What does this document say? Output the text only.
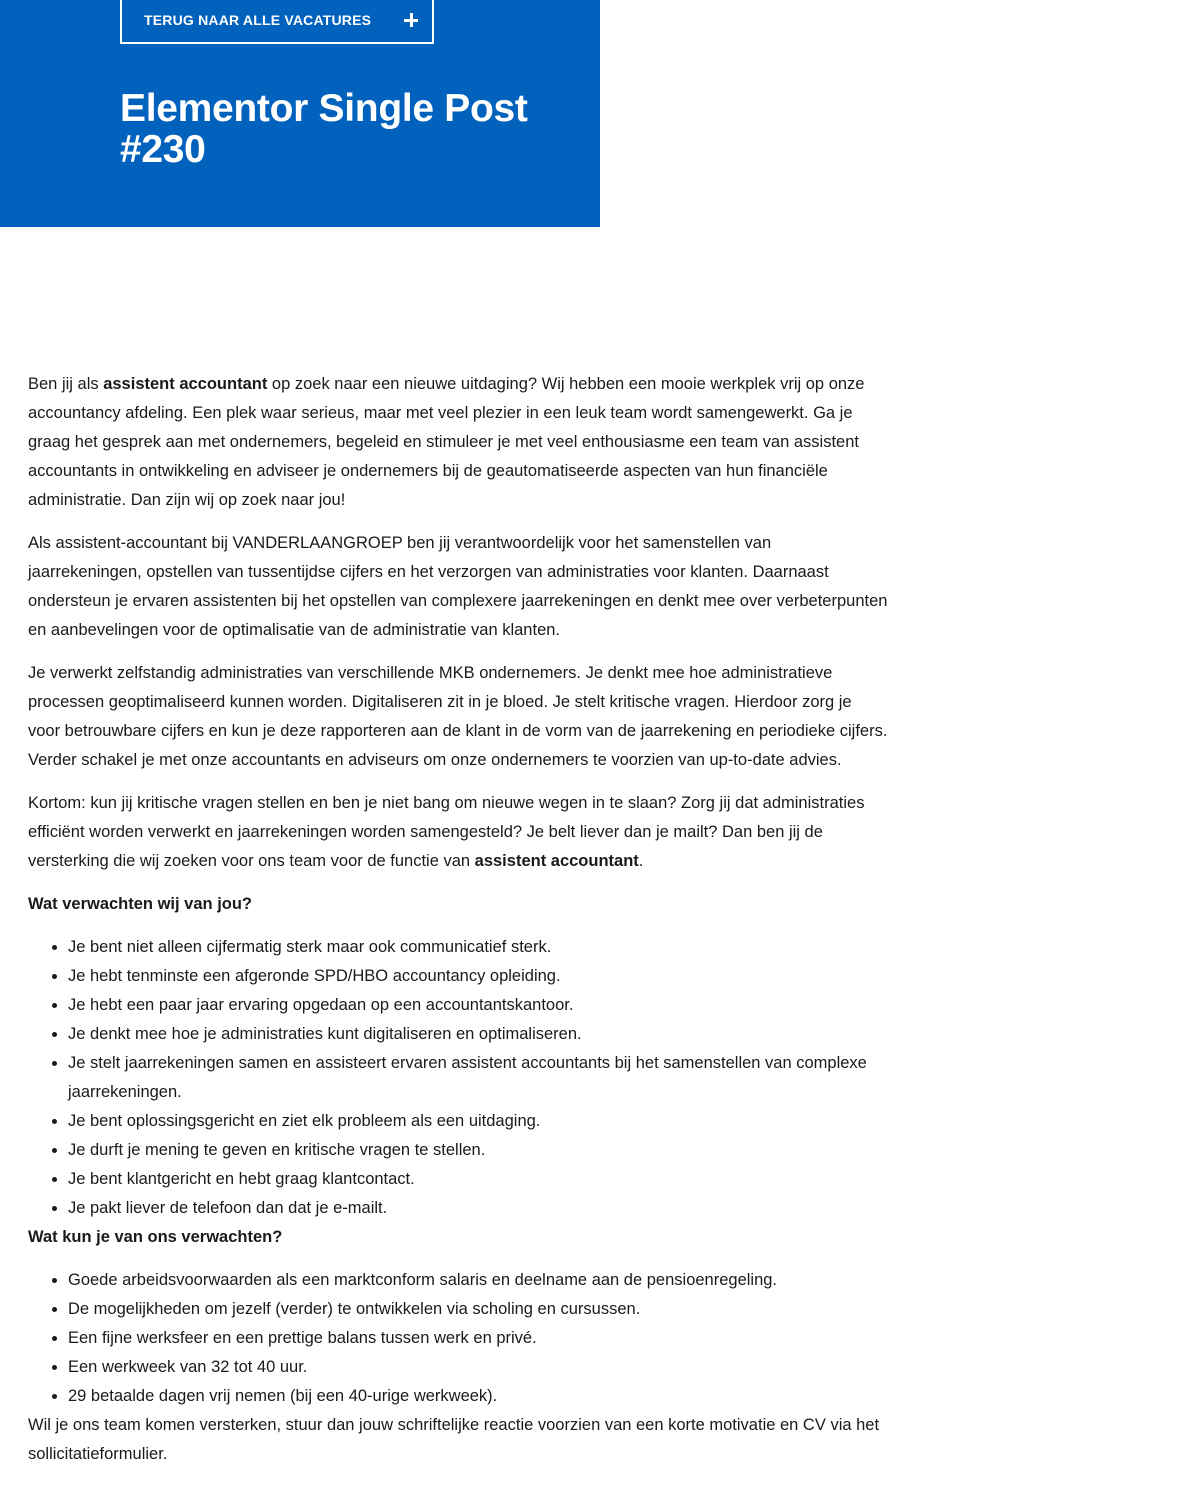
TERUG NAAR ALLE VACATURES
Elementor Single Post #230

Ben jij als assistent accountant op zoek naar een nieuwe uitdaging? Wij hebben een mooie werkplek vrij op onze accountancy afdeling. Een plek waar serieus, maar met veel plezier in een leuk team wordt samengewerkt. Ga je graag het gesprek aan met ondernemers, begeleid en stimuleer je met veel enthousiasme een team van assistent accountants in ontwikkeling en adviseer je ondernemers bij de geautomatiseerde aspecten van hun financiële administratie. Dan zijn wij op zoek naar jou!

Als assistent-accountant bij VANDERLAANGROEP ben jij verantwoordelijk voor het samenstellen van jaarrekeningen, opstellen van tussentijdse cijfers en het verzorgen van administraties voor klanten. Daarnaast ondersteun je ervaren assistenten bij het opstellen van complexere jaarrekeningen en denkt mee over verbeterpunten en aanbevelingen voor de optimalisatie van de administratie van klanten.

Je verwerkt zelfstandig administraties van verschillende MKB ondernemers. Je denkt mee hoe administratieve processen geoptimaliseerd kunnen worden. Digitaliseren zit in je bloed. Je stelt kritische vragen. Hierdoor zorg je voor betrouwbare cijfers en kun je deze rapporteren aan de klant in de vorm van de jaarrekening en periodieke cijfers. Verder schakel je met onze accountants en adviseurs om onze ondernemers te voorzien van up-to-date advies.

Kortom: kun jij kritische vragen stellen en ben je niet bang om nieuwe wegen in te slaan? Zorg jij dat administraties efficiënt worden verwerkt en jaarrekeningen worden samengesteld? Je belt liever dan je mailt? Dan ben jij de versterking die wij zoeken voor ons team voor de functie van assistent accountant.

Wat verwachten wij van jou?
• Je bent niet alleen cijfermatig sterk maar ook communicatief sterk.
• Je hebt tenminste een afgeronde SPD/HBO accountancy opleiding.
• Je hebt een paar jaar ervaring opgedaan op een accountantskantoor.
• Je denkt mee hoe je administraties kunt digitaliseren en optimaliseren.
• Je stelt jaarrekeningen samen en assisteert ervaren assistent accountants bij het samenstellen van complexe jaarrekeningen.
• Je bent oplossingsgericht en ziet elk probleem als een uitdaging.
• Je durft je mening te geven en kritische vragen te stellen.
• Je bent klantgericht en hebt graag klantcontact.
• Je pakt liever de telefoon dan dat je e-mailt.
Wat kun je van ons verwachten?
• Goede arbeidsvoorwaarden als een marktconform salaris en deelname aan de pensioenregeling.
• De mogelijkheden om jezelf (verder) te ontwikkelen via scholing en cursussen.
• Een fijne werksfeer en een prettige balans tussen werk en privé.
• Een werkweek van 32 tot 40 uur.
• 29 betaalde dagen vrij nemen (bij een 40-urige werkweek).

Wil je ons team komen versterken, stuur dan jouw schriftelijke reactie voorzien van een korte motivatie en CV via het sollicitatieformulier.
